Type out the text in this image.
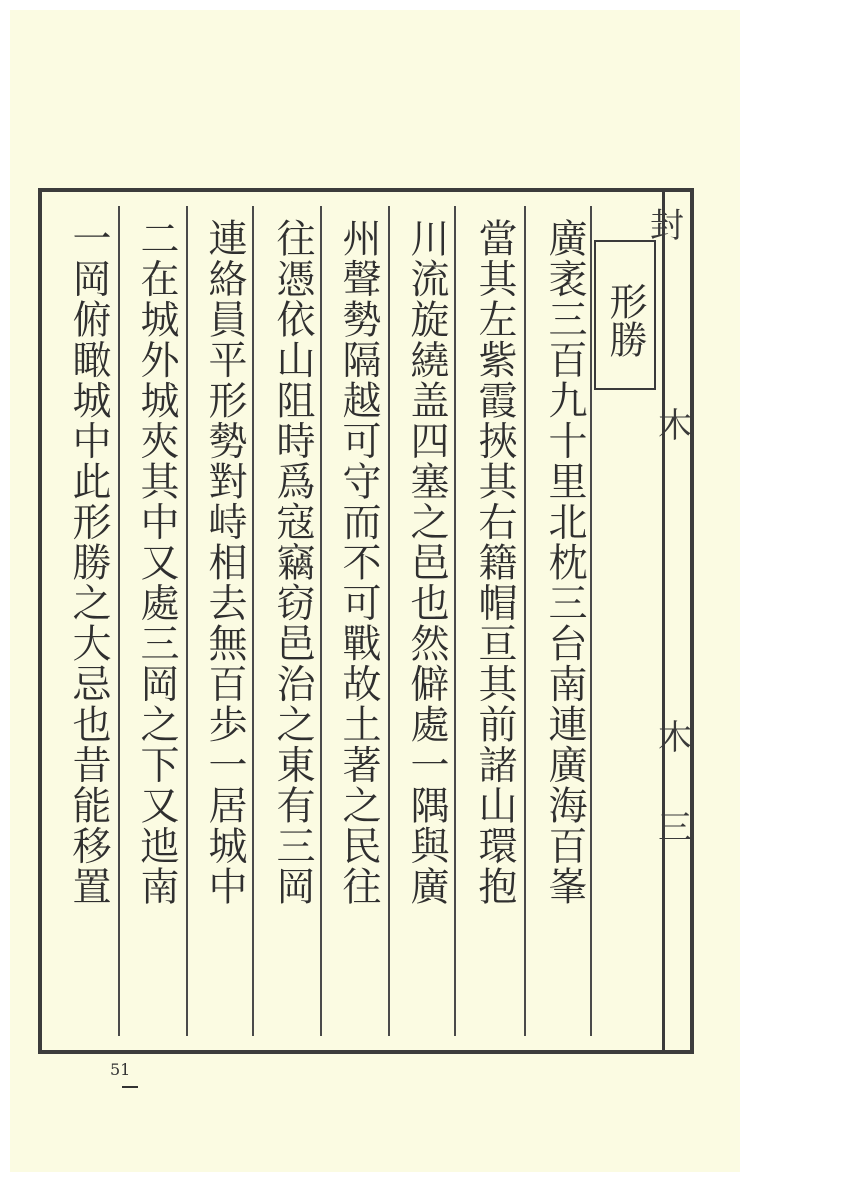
廣袤三百九十里北枕三台南連廣海百峯
當其左紫霞挾其右籍帽亘其前諸山環抱
川流旋繞盖四塞之邑也然僻處一隅與廣
州聲勢隔越可守而不可戰故土著之民往
往憑依山阻時爲寇竊窃邑治之東有三岡
連絡員平形勢對峙相去無百歩一居城中
二在城外城夾其中又處三岡之下又迆南
一岡俯瞰城中此形勝之大忌也昔能移置	形勝
封
木
木
三
51
